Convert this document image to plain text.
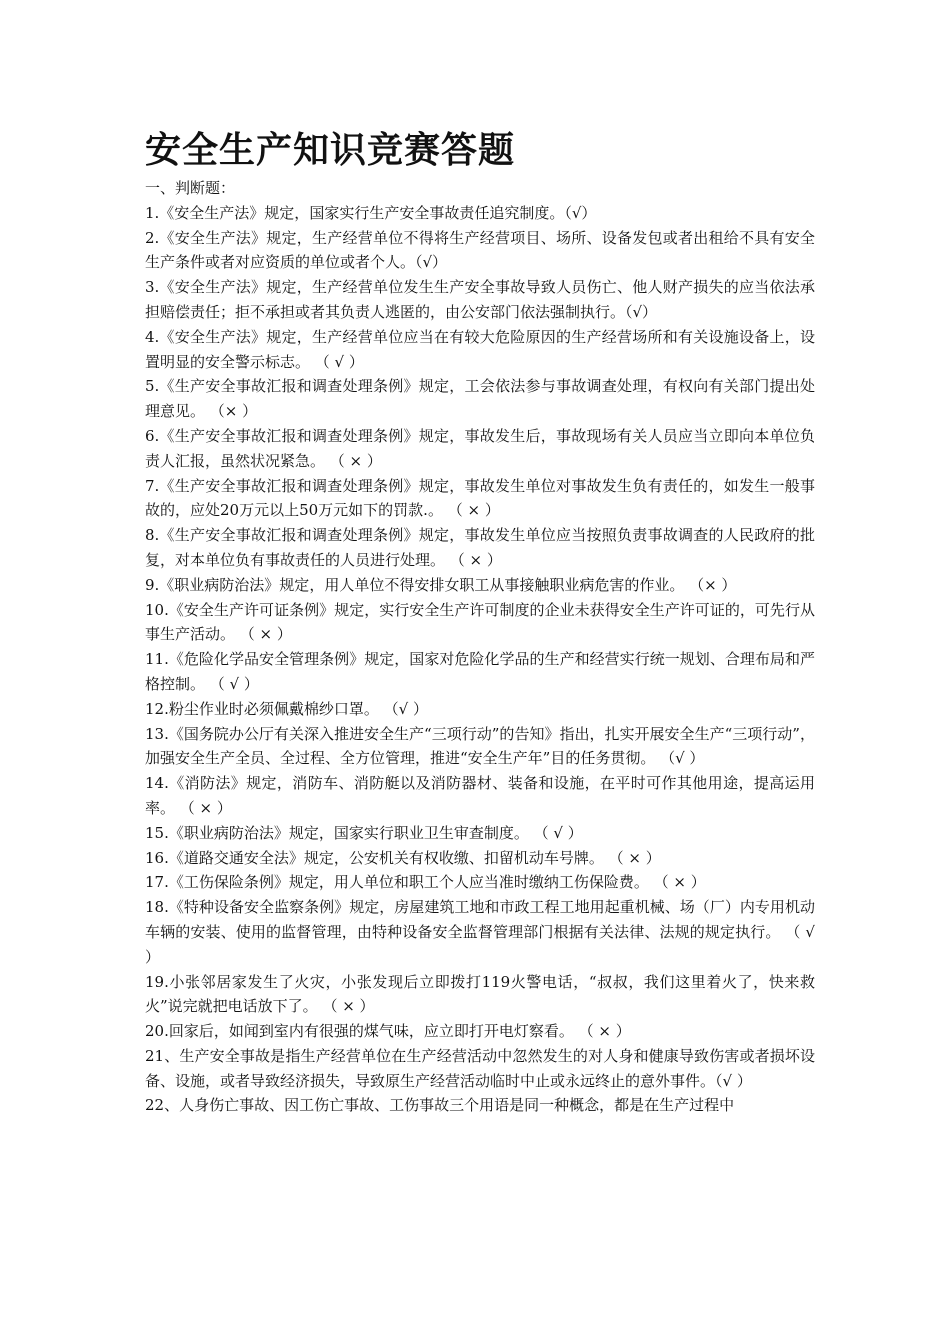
安全生产知识竞赛答题

一、判断题：

1.《安全生产法》规定，国家实行生产安全事故责任追究制度。（√）

2.《安全生产法》规定，生产经营单位不得将生产经营项目、场所、设备发包或者出租给不具有安全生产条件或者对应资质的单位或者个人。（√）

3.《安全生产法》规定，生产经营单位发生生产安全事故导致人员伤亡、他人财产损失的应当依法承担赔偿责任；拒不承担或者其负责人逃匿的，由公安部门依法强制执行。（√）

4.《安全生产法》规定，生产经营单位应当在有较大危险原因的生产经营场所和有关设施设备上，设置明显的安全警示标志。 （ √ ）

5.《生产安全事故汇报和调查处理条例》规定，工会依法参与事故调查处理，有权向有关部门提出处理意见。 （× ）

6.《生产安全事故汇报和调查处理条例》规定，事故发生后，事故现场有关人员应当立即向本单位负责人汇报，虽然状况紧急。 （ × ）

7.《生产安全事故汇报和调查处理条例》规定，事故发生单位对事故发生负有责任的，如发生一般事故的，应处20万元以上50万元如下的罚款.。 （ × ）

8.《生产安全事故汇报和调查处理条例》规定，事故发生单位应当按照负责事故调查的人民政府的批复，对本单位负有事故责任的人员进行处理。 （ × ）

9.《职业病防治法》规定，用人单位不得安排女职工从事接触职业病危害的作业。 （× ）

10.《安全生产许可证条例》规定，实行安全生产许可制度的企业未获得安全生产许可证的，可先行从事生产活动。 （ × ）

11.《危险化学品安全管理条例》规定，国家对危险化学品的生产和经营实行统一规划、合理布局和严格控制。 （ √ ）

12.粉尘作业时必须佩戴棉纱口罩。 （√ ）

13.《国务院办公厅有关深入推进安全生产“三项行动”的告知》指出，扎实开展安全生产“三项行动”，加强安全生产全员、全过程、全方位管理，推进“安全生产年”目的任务贯彻。 （√ ）

14.《消防法》规定，消防车、消防艇以及消防器材、装备和设施，在平时可作其他用途，提高运用率。 （ × ）

15.《职业病防治法》规定，国家实行职业卫生审查制度。 （ √ ）

16.《道路交通安全法》规定，公安机关有权收缴、扣留机动车号牌。 （ × ）

17.《工伤保险条例》规定，用人单位和职工个人应当准时缴纳工伤保险费。 （ × ）

18.《特种设备安全监察条例》规定，房屋建筑工地和市政工程工地用起重机械、场（厂）内专用机动车辆的安装、使用的监督管理，由特种设备安全监督管理部门根据有关法律、法规的规定执行。 （ √ ）

19.小张邻居家发生了火灾，小张发现后立即拨打119火警电话，“叔叔，我们这里着火了，快来救火”说完就把电话放下了。 （ × ）

20.回家后，如闻到室内有很强的煤气味，应立即打开电灯察看。 （ × ）

21、生产安全事故是指生产经营单位在生产经营活动中忽然发生的对人身和健康导致伤害或者损坏设备、设施，或者导致经济损失，导致原生产经营活动临时中止或永远终止的意外事件。（√ ）

22、人身伤亡事故、因工伤亡事故、工伤事故三个用语是同一种概念，都是在生产过程中
